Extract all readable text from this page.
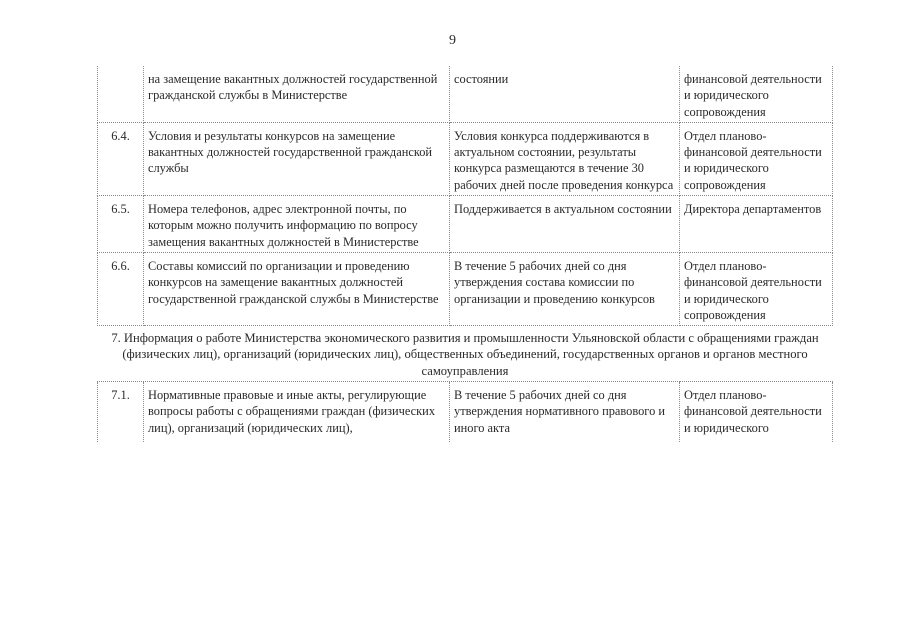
9
	на замещение вакантных должностей государственной гражданской службы в Министерстве	состоянии	финансовой деятельности и юридического сопровождения
6.4.	Условия и результаты конкурсов на замещение вакантных должностей государственной гражданской службы	Условия конкурса поддерживаются в актуальном состоянии, результаты конкурса размещаются в течение 30 рабочих дней после проведения конкурса	Отдел планово-финансовой деятельности и юридического сопровождения
6.5.	Номера телефонов, адрес электронной почты, по которым можно получить информацию по вопросу замещения вакантных должностей в Министерстве	Поддерживается в актуальном состоянии	Директора департаментов
6.6.	Составы комиссий по организации и проведению конкурсов на замещение вакантных должностей государственной гражданской службы в Министерстве	В течение 5 рабочих дней со дня утверждения состава комиссии по организации и проведению конкурсов	Отдел планово-финансовой деятельности и юридического сопровождения
7. Информация о работе Министерства экономического развития и промышленности Ульяновской области с обращениями граждан (физических лиц), организаций (юридических лиц), общественных объединений, государственных органов и органов местного самоуправления			
7.1.	Нормативные правовые и иные акты, регулирующие вопросы работы с обращениями граждан (физических лиц), организаций (юридических лиц),	В течение 5 рабочих дней со дня утверждения нормативного правового и иного акта	Отдел планово-финансовой деятельности и юридического
